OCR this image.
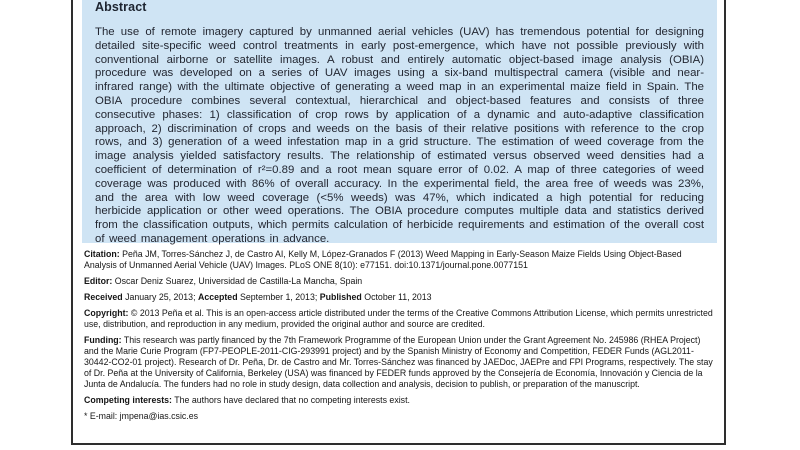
Abstract

The use of remote imagery captured by unmanned aerial vehicles (UAV) has tremendous potential for designing detailed site-specific weed control treatments in early post-emergence, which have not possible previously with conventional airborne or satellite images. A robust and entirely automatic object-based image analysis (OBIA) procedure was developed on a series of UAV images using a six-band multispectral camera (visible and near-infrared range) with the ultimate objective of generating a weed map in an experimental maize field in Spain. The OBIA procedure combines several contextual, hierarchical and object-based features and consists of three consecutive phases: 1) classification of crop rows by application of a dynamic and auto-adaptive classification approach, 2) discrimination of crops and weeds on the basis of their relative positions with reference to the crop rows, and 3) generation of a weed infestation map in a grid structure. The estimation of weed coverage from the image analysis yielded satisfactory results. The relationship of estimated versus observed weed densities had a coefficient of determination of r²=0.89 and a root mean square error of 0.02. A map of three categories of weed coverage was produced with 86% of overall accuracy. In the experimental field, the area free of weeds was 23%, and the area with low weed coverage (<5% weeds) was 47%, which indicated a high potential for reducing herbicide application or other weed operations. The OBIA procedure computes multiple data and statistics derived from the classification outputs, which permits calculation of herbicide requirements and estimation of the overall cost of weed management operations in advance.

Citation: Peña JM, Torres-Sánchez J, de Castro AI, Kelly M, López-Granados F (2013) Weed Mapping in Early-Season Maize Fields Using Object-Based Analysis of Unmanned Aerial Vehicle (UAV) Images. PLoS ONE 8(10): e77151. doi:10.1371/journal.pone.0077151

Editor: Oscar Deniz Suarez, Universidad de Castilla-La Mancha, Spain

Received January 25, 2013; Accepted September 1, 2013; Published October 11, 2013

Copyright: © 2013 Peña et al. This is an open-access article distributed under the terms of the Creative Commons Attribution License, which permits unrestricted use, distribution, and reproduction in any medium, provided the original author and source are credited.

Funding: This research was partly financed by the 7th Framework Programme of the European Union under the Grant Agreement No. 245986 (RHEA Project) and the Marie Curie Program (FP7-PEOPLE-2011-CIG-293991 project) and by the Spanish Ministry of Economy and Competition, FEDER Funds (AGL2011-30442-CO2-01 project). Research of Dr. Peña, Dr. de Castro and Mr. Torres-Sánchez was financed by JAEDoc, JAEPre and FPI Programs, respectively. The stay of Dr. Peña at the University of California, Berkeley (USA) was financed by FEDER funds approved by the Consejería de Economía, Innovación y Ciencia de la Junta de Andalucía. The funders had no role in study design, data collection and analysis, decision to publish, or preparation of the manuscript.

Competing interests: The authors have declared that no competing interests exist.

* E-mail: jmpena@ias.csic.es
